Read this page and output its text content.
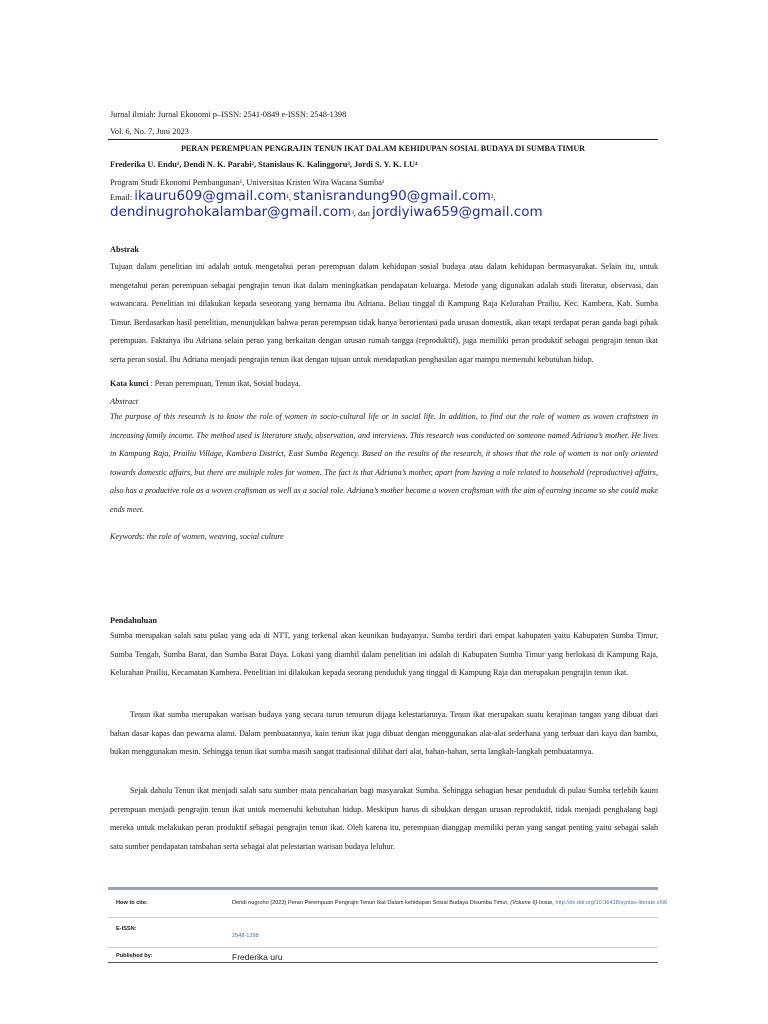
Jurnal ilmiah: Jurnal Ekonomi p–ISSN: 2541-0849 e-ISSN: 2548-1398
Vol. 6, No. 7, Juni 2023
PERAN PEREMPUAN PENGRAJIN TENUN IKAT DALAM KEHIDUPAN SOSIAL BUDAYA DI SUMBA TIMUR
Frederika U. Endu¹, Dendi N. K. Parabi², Stanislaus K. Kalinggoru³, Jordi S. Y. K. LU⁴
Program Studi Ekonomi Pembangunan¹, Universitas Kristen Wira Wacana Sumba¹
Email: ikauru609@gmail.com¹, stanisrandung90@gmail.com²,
dendinugrohokalambar@gmail.com³, dan jordiyiwa659@gmail.com
Abstrak
Tujuan dalam penelitian ini adalah untuk mengetahui peran perempuan dalam kehidupan sosial budaya atau dalam kehidupan bermasyarakat. Selain itu, untuk mengetahui peran perempuan sebagai pengrajin tenun ikat dalam meningkatkan pendapatan keluarga. Metode yang digunakan adalah studi literatur, observasi, dan wawancara. Penelitian ini dilakukan kepada seseorang yang bernama ibu Adriana. Beliau tinggal di Kampung Raja Kelurahan Prailiu, Kec. Kambera, Kab. Sumba Timur. Berdasarkan hasil penelitian, menunjukkan bahwa peran perempuan tidak hanya berorientasi pada urusan domestik, akan tetapi terdapat peran ganda bagi pihak perempuan. Faktanya ibu Adriana selain peran yang berkaitan dengan urusan rumah tangga (reproduktif), juga memiliki peran produktif sebagai pengrajin tenun ikat serta peran sosial. Ibu Adriana menjadi pengrajin tenun ikat dengan tujuan untuk mendapatkan penghasilan agar mampu memenuhi kebutuhan hidup.
Kata kunci : Peran perempuan, Tenun ikat, Sosial budaya.
Abstract
The purpose of this research is to know the role of women in socio-cultural life or in social life. In addition, to find out the role of women as woven craftsmen in increasing family income. The method used is literature study, observation, and interviews. This research was conducted on someone named Adriana’s mother. He lives in Kampung Raja, Prailiu Village, Kambera District, East Sumba Regency. Based on the results of the research, it shows that the role of women is not only oriented towards domestic affairs, but there are multiple roles for women. The fact is that Adriana’s mother, apart from having a role related to household (reproductive) affairs, also has a productive role as a woven craftsman as well as a social role. Adriana’s mother became a woven craftsman with the aim of earning income so she could make ends meet.
Keywords: the role of women, weaving, social culture
Pendahuluan
Sumba merupakan salah satu pulau yang ada di NTT, yang terkenal akan keunikan budayanya. Sumba terdiri dari empat kabupaten yaitu Kabupaten Sumba Timur, Sumba Tengah, Sumba Barat, dan Sumba Barat Daya. Lokasi yang diambil dalam penelitian ini adalah di Kabupaten Sumba Timur yang berlokasi di Kampung Raja, Kelurahan Prailiu, Kecamatan Kambera. Penelitian ini dilakukan kepada seorang penduduk yang tinggal di Kampung Raja dan merupakan pengrajin tenun ikat.
Tenun ikat sumba merupakan warisan budaya yang secara turun temurun dijaga kelestariannya. Tenun ikat merupakan suatu kerajinan tangan yang dibuat dari bahan dasar kapas dan pewarna alami. Dalam pembuatannya, kain tenun ikat juga dibuat dengan menggunakan alat-alat sederhana yang terbuat dari kayu dan bambu, bukan menggunakan mesin. Sehingga tenun ikat sumba masih sangat tradisional dilihat dari alat, bahan-bahan, serta langkah-langkah pembuatannya.
Sejak dahulu Tenun ikat menjadi salah satu sumber mata pencaharian bagi masyarakat Sumba. Sehingga sebagian besar penduduk di pulau Sumba terlebih kaum perempuan menjadi pengrajin tenun ikat untuk memenuhi kebutuhan hidup. Meskipun harus di sibukkan dengan urusan reproduktif, tidak menjadi penghalang bagi mereka untuk melakukan peran produktif sebagai pengrajin tenun ikat. Oleh karena itu, perempuan dianggap memiliki peran yang sangat penting yaitu sebagai salah satu sumber pendapatan tambahan serta sebagai alat pelestarian warisan budaya leluhur.
How to cite:	Dendi nugroho (2023) Peran Perempuan Pengrajin Tenun Ikat Dalam kehidupan Sosial Budaya Disumba Timur, (Volume 6) Issue, http://dx.doi.org/10.36418/syntax-literate.v6i6
E-ISSN:
2548-1398
Published by:	Frederika uru
